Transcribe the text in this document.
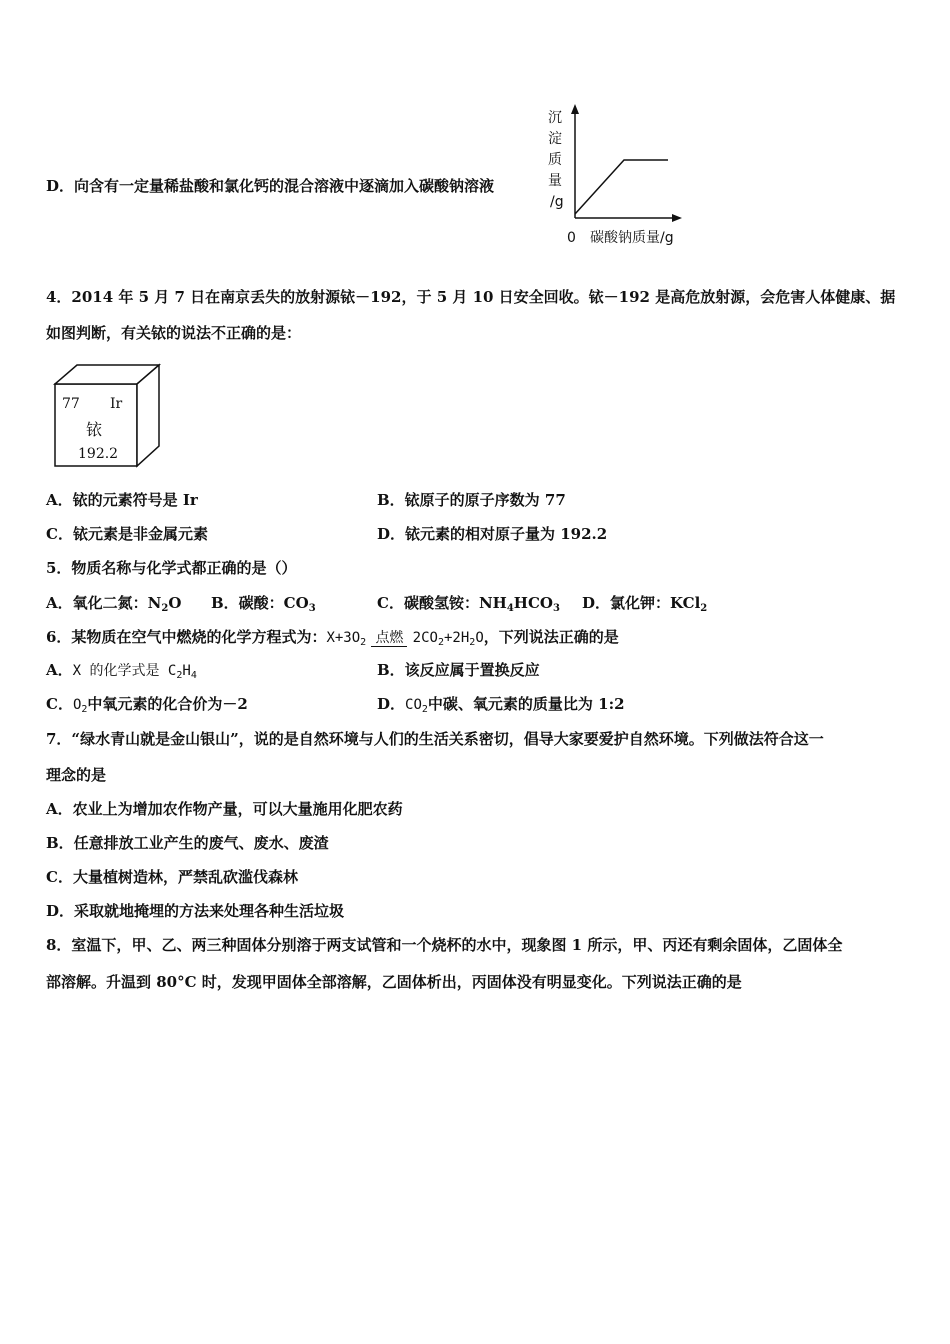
D．向含有一定量稀盐酸和氯化钙的混合溶液中逐滴加入碳酸钠溶液
沉
淀
质
量
/g
0 碳酸钠质量/g
4．2014 年 5 月 7 日在南京丢失的放射源铱－192，于 5 月 10 日安全回收。铱－192 是高危放射源，会危害人体健康、据
如图判断，有关铱的说法不正确的是：
77 Ir
铱
192.2
A．铱的元素符号是 Ir	B．铱原子的原子序数为 77
C．铱元素是非金属元素	D．铱元素的相对原子量为 192.2
5．物质名称与化学式都正确的是（）
A．氧化二氮：$N_2O$ B．碳酸：$CO_3$	C．碳酸氢铵：$NH_4HCO_3$ D．氯化钾：KCl$_2$
6．某物质在空气中燃烧的化学方程式为：$X+3O_2$ 点燃 $2CO_2+2H_2O$，下列说法正确的是
A．X 的化学式是 $C_2H_4$	B．该反应属于置换反应
C．$O_2$中氧元素的化合价为－2	D．$CO_2$中碳、氧元素的质量比为 1:2
7．“绿水青山就是金山银山”，说的是自然环境与人们的生活关系密切，倡导大家要爱护自然环境。下列做法符合这一
理念的是
A．农业上为增加农作物产量，可以大量施用化肥农药
B．任意排放工业产生的废气、废水、废渣
C．大量植树造林，严禁乱砍滥伐森林
D．采取就地掩埋的方法来处理各种生活垃圾
8．室温下，甲、乙、两三种固体分别溶于两支试管和一个烧杯的水中，现象图 1 所示，甲、丙还有剩余固体，乙固体全
部溶解。升温到 80°C 时，发现甲固体全部溶解，乙固体析出，丙固体没有明显变化。下列说法正确的是
